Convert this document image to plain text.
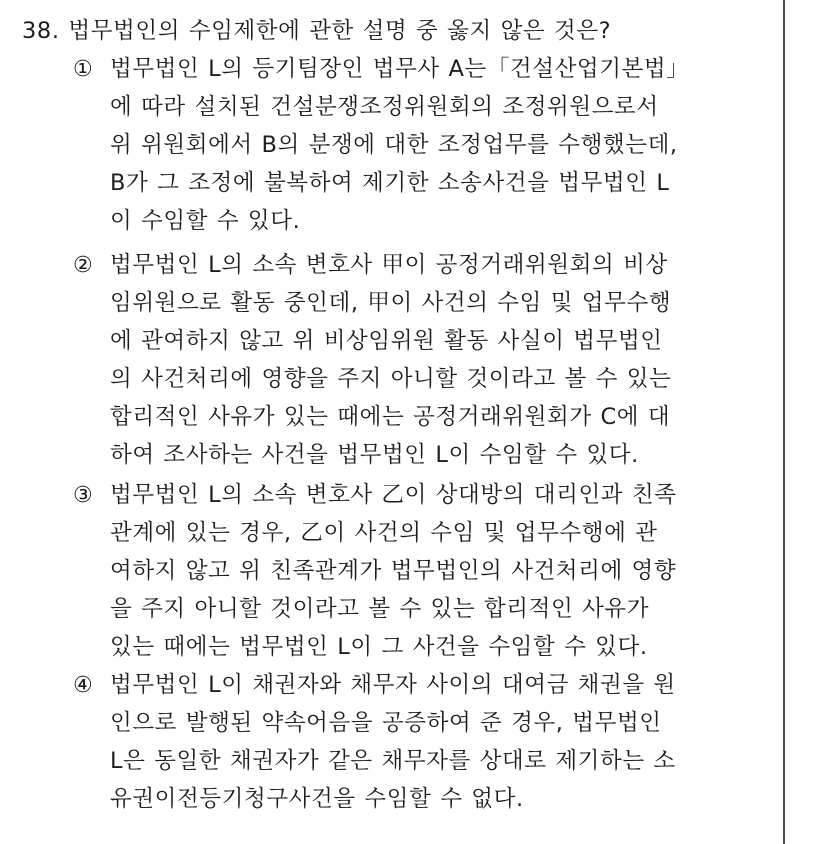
38. 법무법인의 수임제한에 관한 설명 중 옳지 않은 것은?
① 법무법인 L의 등기팀장인 법무사 A는「건설산업기본법」
에 따라 설치된 건설분쟁조정위원회의 조정위원으로서
위 위원회에서 B의 분쟁에 대한 조정업무를 수행했는데,
B가 그 조정에 불복하여 제기한 소송사건을 법무법인 L
이 수임할 수 있다.
② 법무법인 L의 소속 변호사 甲이 공정거래위원회의 비상
임위원으로 활동 중인데, 甲이 사건의 수임 및 업무수행
에 관여하지 않고 위 비상임위원 활동 사실이 법무법인
의 사건처리에 영향을 주지 아니할 것이라고 볼 수 있는
합리적인 사유가 있는 때에는 공정거래위원회가 C에 대
하여 조사하는 사건을 법무법인 L이 수임할 수 있다.
③ 법무법인 L의 소속 변호사 乙이 상대방의 대리인과 친족
관계에 있는 경우, 乙이 사건의 수임 및 업무수행에 관
여하지 않고 위 친족관계가 법무법인의 사건처리에 영향
을 주지 아니할 것이라고 볼 수 있는 합리적인 사유가
있는 때에는 법무법인 L이 그 사건을 수임할 수 있다.
④ 법무법인 L이 채권자와 채무자 사이의 대여금 채권을 원
인으로 발행된 약속어음을 공증하여 준 경우, 법무법인
L은 동일한 채권자가 같은 채무자를 상대로 제기하는 소
유권이전등기청구사건을 수임할 수 없다.
